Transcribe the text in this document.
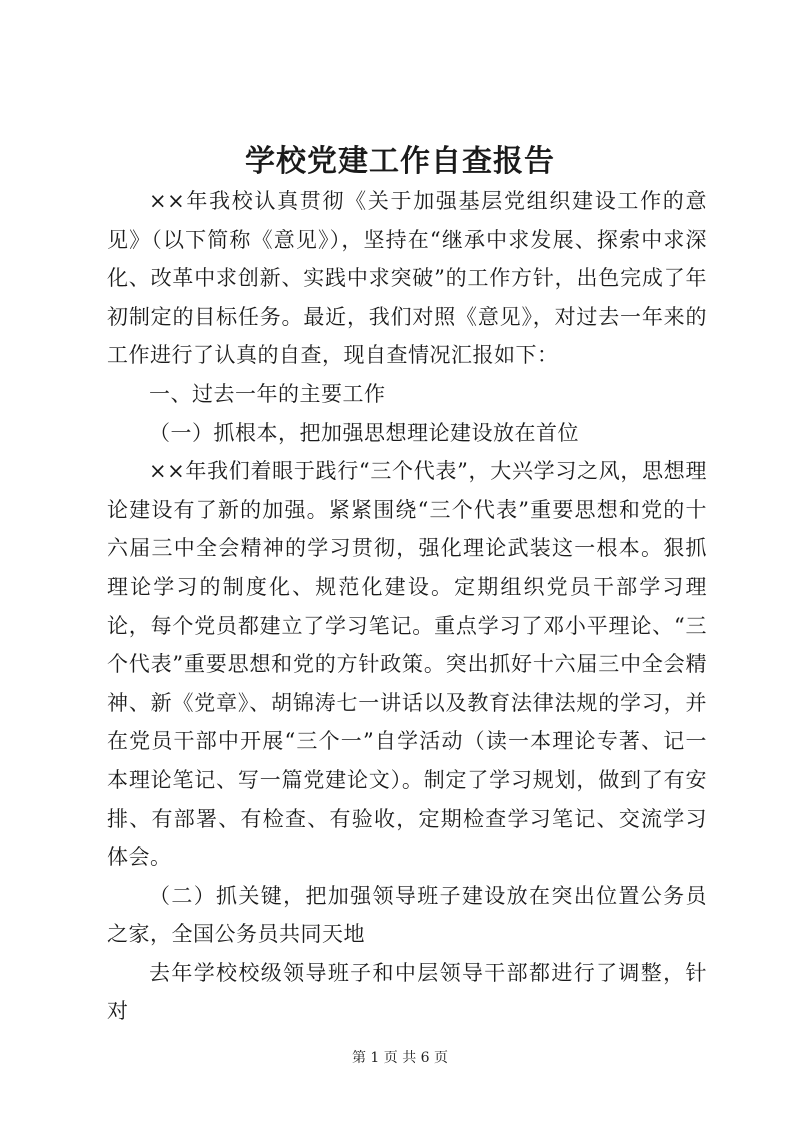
学校党建工作自查报告

××年我校认真贯彻《关于加强基层党组织建设工作的意见》（以下简称《意见》），坚持在“继承中求发展、探索中求深化、改革中求创新、实践中求突破”的工作方针，出色完成了年初制定的目标任务。最近，我们对照《意见》，对过去一年来的工作进行了认真的自查，现自查情况汇报如下：

一、过去一年的主要工作

（一）抓根本，把加强思想理论建设放在首位

××年我们着眼于践行“三个代表”，大兴学习之风，思想理论建设有了新的加强。紧紧围绕“三个代表”重要思想和党的十六届三中全会精神的学习贯彻，强化理论武装这一根本。狠抓理论学习的制度化、规范化建设。定期组织党员干部学习理论，每个党员都建立了学习笔记。重点学习了邓小平理论、“三个代表”重要思想和党的方针政策。突出抓好十六届三中全会精神、新《党章》、胡锦涛七一讲话以及教育法律法规的学习，并在党员干部中开展“三个一”自学活动（读一本理论专著、记一本理论笔记、写一篇党建论文）。制定了学习规划，做到了有安排、有部署、有检查、有验收，定期检查学习笔记、交流学习体会。

（二）抓关键，把加强领导班子建设放在突出位置公务员之家，全国公务员共同天地

去年学校校级领导班子和中层领导干部都进行了调整，针对

第 1 页 共 6 页
